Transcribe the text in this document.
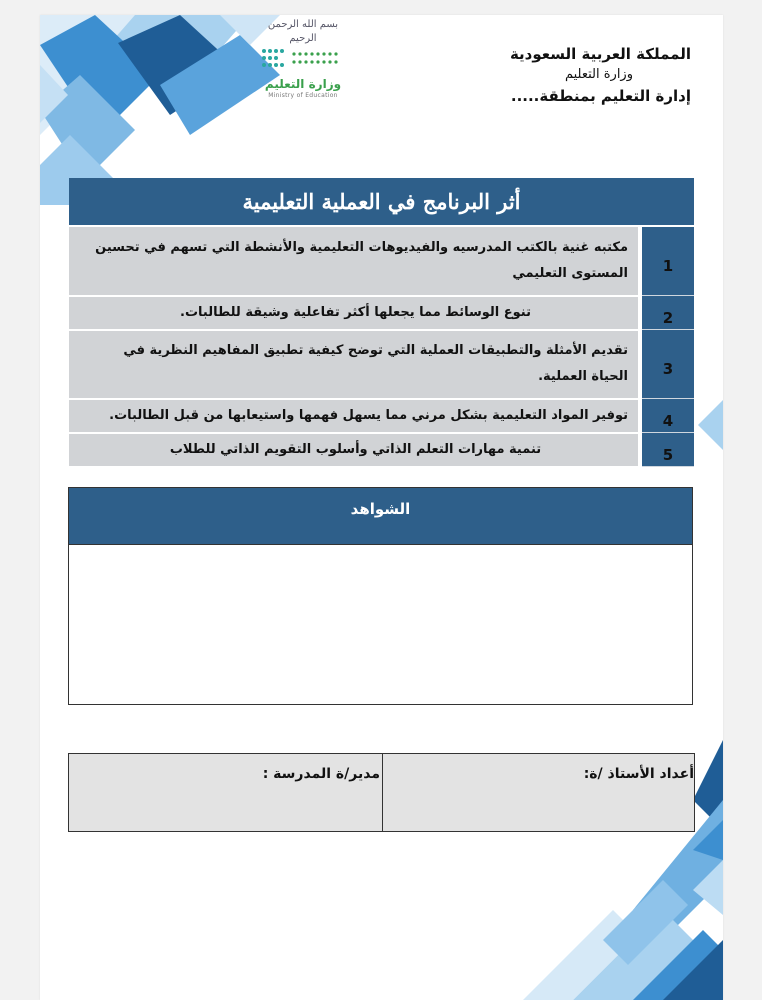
بسم الله الرحمن الرحيم
وزارة التعليم
Ministry of Education
المملكة العربية السعودية
وزارة التعليم
إدارة التعليم بمنطقة.....
أثر البرنامج في العملية التعليمية		
1		مكتبه غنية بالكتب المدرسيه والفيديوهات التعليمية والأنشطة التي تسهم في تحسين المستوى التعليمي
2		تنوع الوسائط مما يجعلها أكثر تفاعلية وشيقة للطالبات.
3		تقديم الأمثلة والتطبيقات العملية التي توضح كيفية تطبيق المفاهيم النظرية في الحياة العملية.
4		توفير المواد التعليمية بشكل مرني مما يسهل فهمها واستيعابها من قبل الطالبات.
5		تنمية مهارات التعلم الذاتي وأسلوب التقويم الذاتي للطلاب
الشواهد
أعداد الأستاذ /ة:
مدير/ة المدرسة :
